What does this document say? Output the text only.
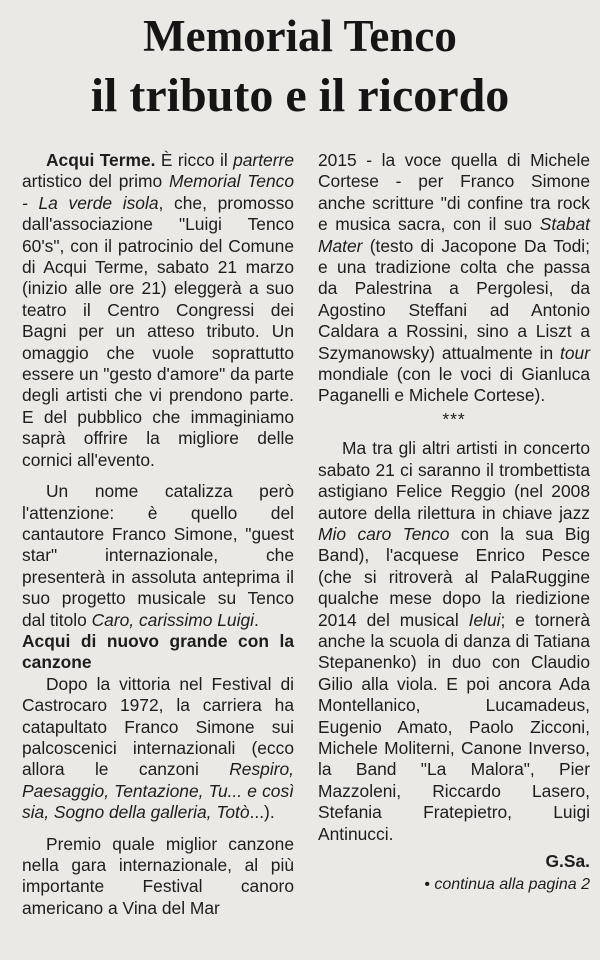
Memorial Tenco
il tributo e il ricordo

Acqui Terme. È ricco il parterre artistico del primo Memorial Tenco - La verde isola, che, promosso dall'associazione "Luigi Tenco 60's", con il patrocinio del Comune di Acqui Terme, sabato 21 marzo (inizio alle ore 21) eleggerà a suo teatro il Centro Congressi dei Bagni per un atteso tributo. Un omaggio che vuole soprattutto essere un "gesto d'amore" da parte degli artisti che vi prendono parte. E del pubblico che immaginiamo saprà offrire la migliore delle cornici all'evento.

Un nome catalizza però l'attenzione: è quello del cantautore Franco Simone, "guest star" internazionale, che presenterà in assoluta anteprima il suo progetto musicale su Tenco dal titolo Caro, carissimo Luigi.

Acqui di nuovo grande con la canzone

Dopo la vittoria nel Festival di Castrocaro 1972, la carriera ha catapultato Franco Simone sui palcoscenici internazionali (ecco allora le canzoni Respiro, Paesaggio, Tentazione, Tu... e così sia, Sogno della galleria, Totò...).

Premio quale miglior canzone nella gara internazionale, al più importante Festival canoro americano a Vina del Mar

2015 - la voce quella di Michele Cortese - per Franco Simone anche scritture "di confine tra rock e musica sacra, con il suo Stabat Mater (testo di Jacopone Da Todi; e una tradizione colta che passa da Palestrina a Pergolesi, da Agostino Steffani ad Antonio Caldara a Rossini, sino a Liszt a Szymanowsky) attualmente in tour mondiale (con le voci di Gianluca Paganelli e Michele Cortese).

***

Ma tra gli altri artisti in concerto sabato 21 ci saranno il trombettista astigiano Felice Reggio (nel 2008 autore della rilettura in chiave jazz Mio caro Tenco con la sua Big Band), l'acquese Enrico Pesce (che si ritroverà al PalaRuggine qualche mese dopo la riedizione 2014 del musical Ielui; e tornerà anche la scuola di danza di Tatiana Stepanenko) in duo con Claudio Gilio alla viola. E poi ancora Ada Montellanico, Lucamadeus, Eugenio Amato, Paolo Zicconi, Michele Moliterni, Canone Inverso, la Band "La Malora", Pier Mazzoleni, Riccardo Lasero, Stefania Fratepietro, Luigi Antinucci.

G.Sa.
• continua alla pagina 2
